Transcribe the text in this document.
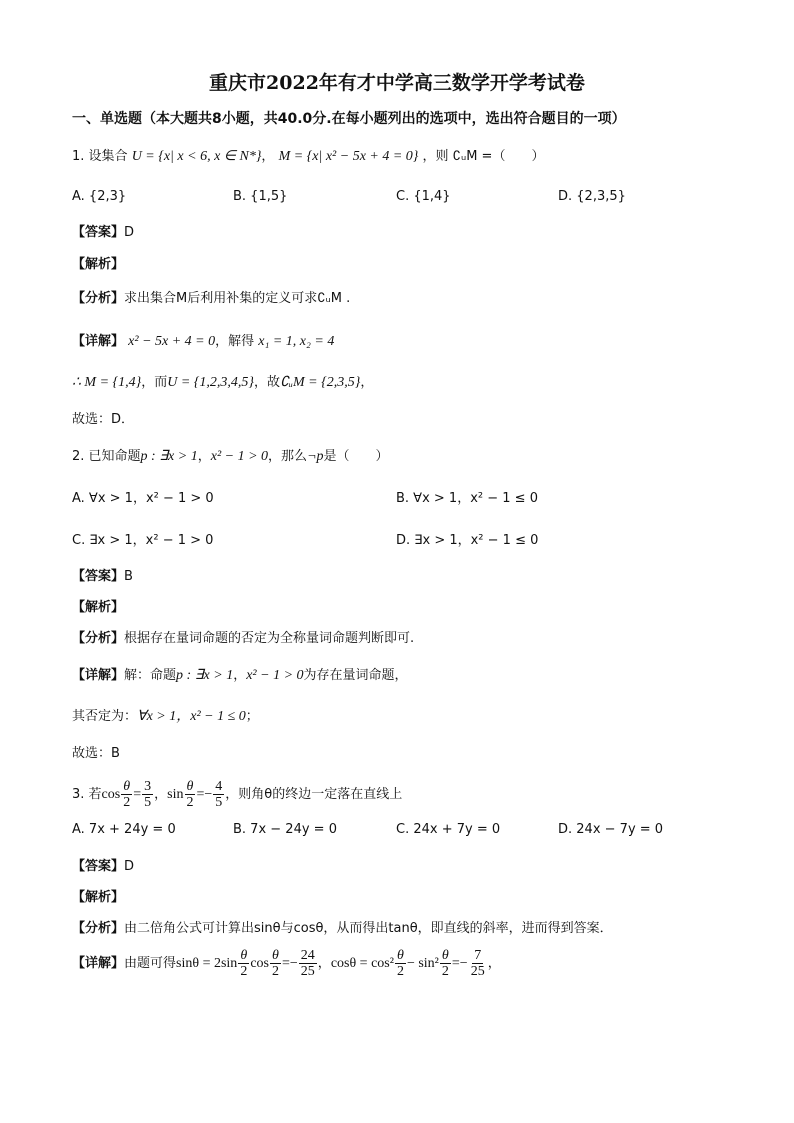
重庆市2022年有才中学高三数学开学考试卷
一、单选题（本大题共8小题，共40.0分.在每小题列出的选项中，选出符合题目的一项）
1. 设集合 U = {x| x < 6, x ∈ N*}， M = {x| x² − 5x + 4 = 0} ，则 ∁ᵤM =（　　）
A. {2,3}	B. {1,5}	C. {1,4}	D. {2,3,5}
【答案】D
【解析】
【分析】求出集合M后利用补集的定义可求∁ᵤM .
【详解】 x² − 5x + 4 = 0，解得 x₁ = 1, x₂ = 4
∴ M = {1,4}，而U = {1,2,3,4,5}，故∁ᵤM = {2,3,5}，
故选：D．
2. 已知命题p : ∃x > 1，x² − 1 > 0，那么¬p是（　　）
A. ∀x > 1，x² − 1 > 0	B. ∀x > 1，x² − 1 ≤ 0
C. ∃x > 1，x² − 1 > 0	D. ∃x > 1，x² − 1 ≤ 0
【答案】B
【解析】
【分析】根据存在量词命题的否定为全称量词命题判断即可.
【详解】解：命题p : ∃x > 1，x² − 1 > 0为存在量词命题，
其否定为：∀x > 1，x² − 1 ≤ 0；
故选：B
3. 若$\cos \frac{\theta}{2} = \frac{3}{5}$ ，$\sin \frac{\theta}{2} =- \frac{4}{5}$ ，则角θ的终边一定落在直线上
A. 7x + 24y = 0	B. 7x − 24y = 0	C. 24x + 7y = 0	D. 24x − 7y = 0
【答案】D
【解析】
【分析】由二倍角公式可计算出sinθ与cosθ，从而得出tanθ，即直线的斜率，进而得到答案．
【详解】由题可得$\sin\theta = 2\sin \frac{\theta}{2}$ $\cos \frac{\theta}{2} =- \frac{24}{25}$ ，$\cos\theta = \cos^2 \frac{\theta}{2} - \sin^2 \frac{\theta}{2} =- \frac{7}{25}$ ，
